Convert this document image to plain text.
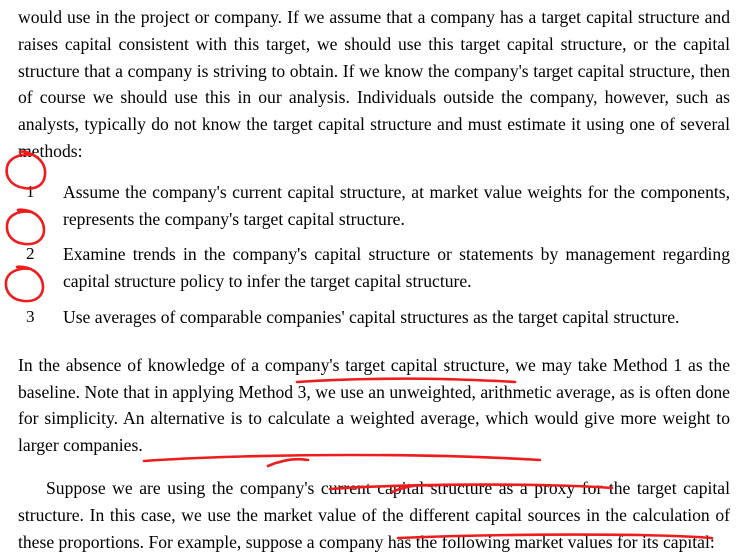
would use in the project or company. If we assume that a company has a target capital structure and raises capital consistent with this target, we should use this target capital structure, or the capital structure that a company is striving to obtain. If we know the company's target capital structure, then of course we should use this in our analysis. Individuals outside the company, however, such as analysts, typically do not know the target capital structure and must estimate it using one of several methods:

1	Assume the company's current capital structure, at market value weights for the components, represents the company's target capital structure.
2	Examine trends in the company's capital structure or statements by management regarding capital structure policy to infer the target capital structure.
3	Use averages of comparable companies' capital structures as the target capital structure.

In the absence of knowledge of a company's target capital structure, we may take Method 1 as the baseline. Note that in applying Method 3, we use an unweighted, arithmetic average, as is often done for simplicity. An alternative is to calculate a weighted average, which would give more weight to larger companies.

Suppose we are using the company's current capital structure as a proxy for the target capital structure. In this case, we use the market value of the different capital sources in the calculation of these proportions. For example, suppose a company has the following market values for its capital:
